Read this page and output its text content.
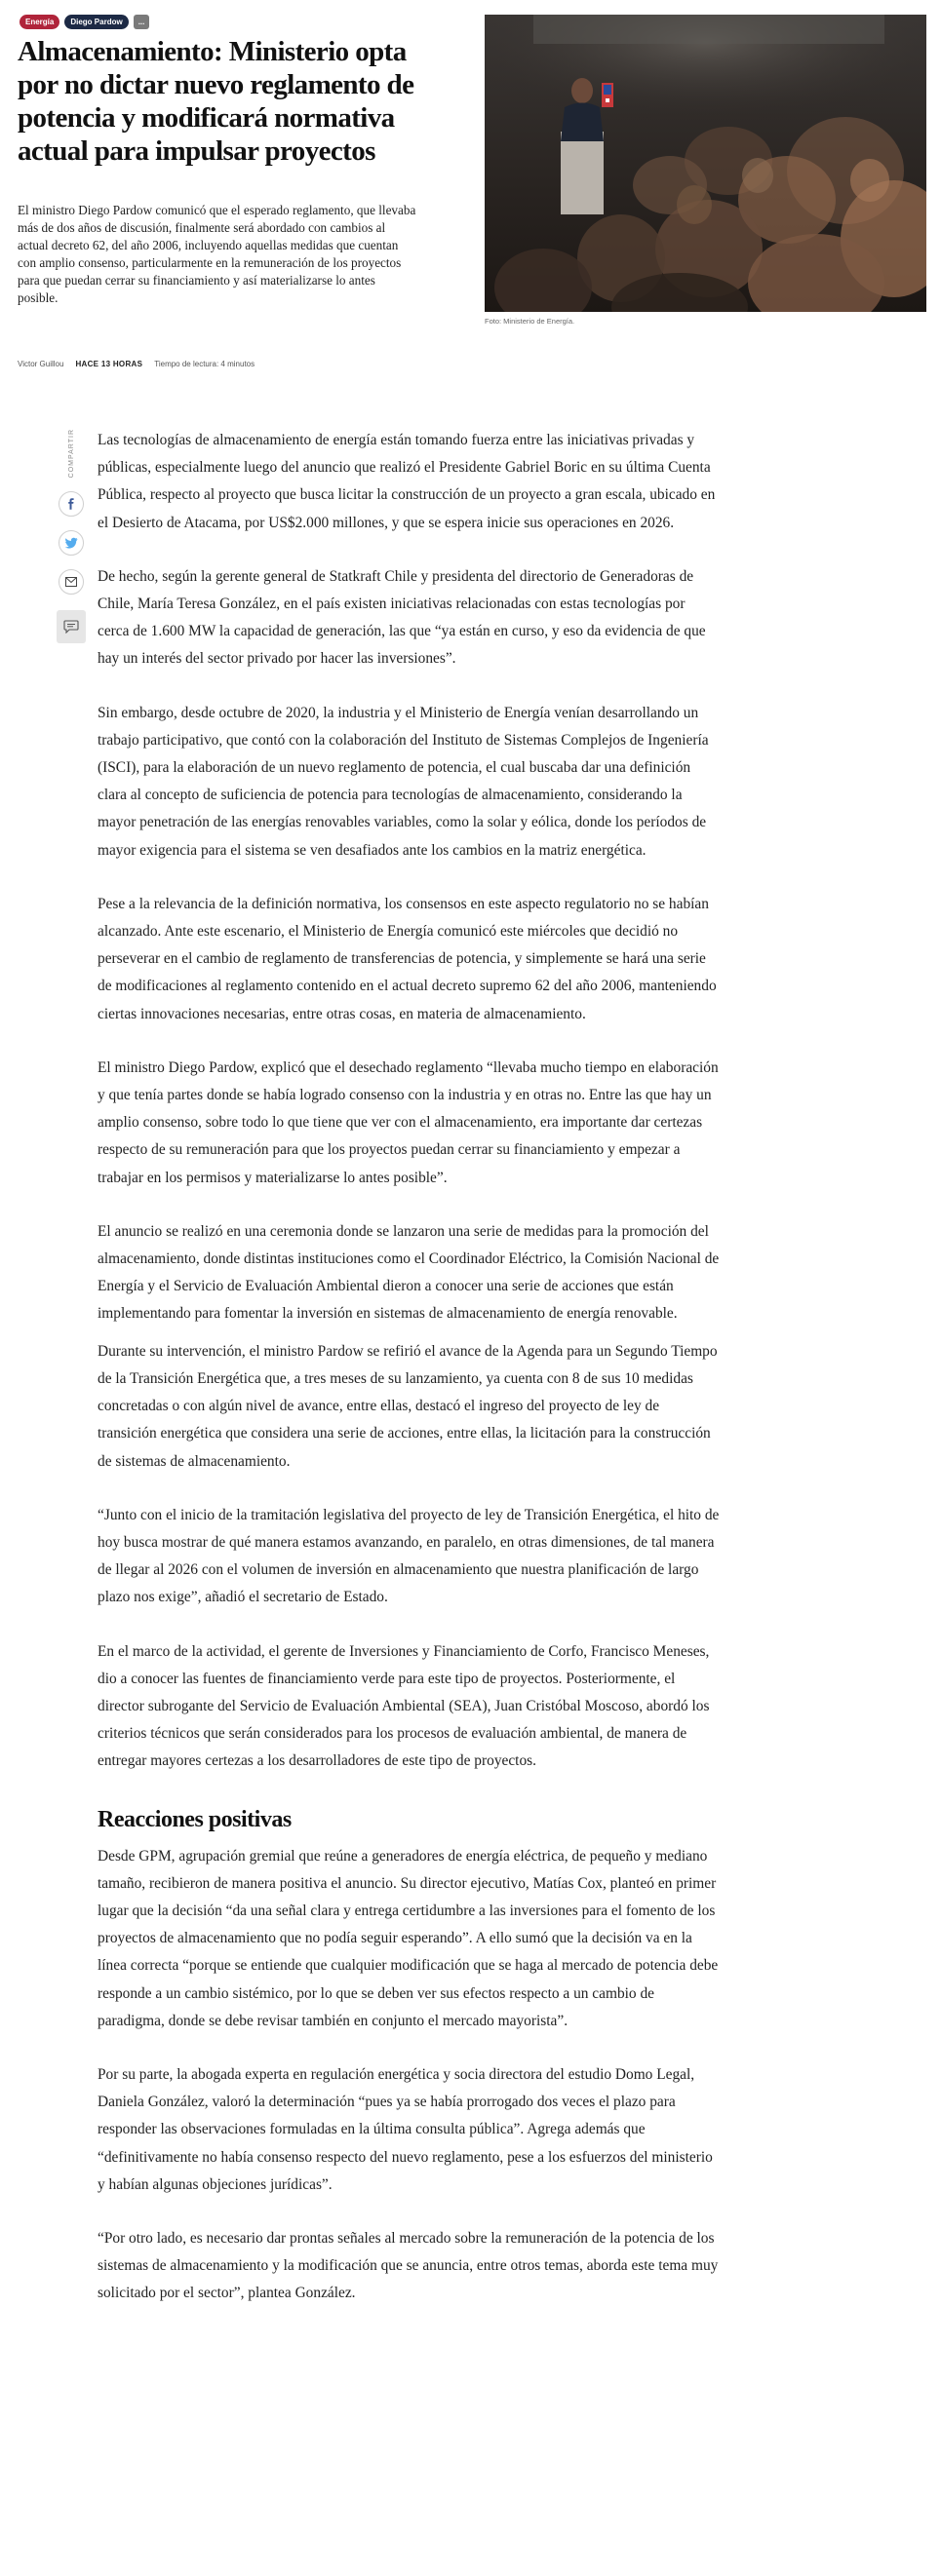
Energía	Diego Pardow	...
Almacenamiento: Ministerio opta por no dictar nuevo reglamento de potencia y modificará normativa actual para impulsar proyectos

El ministro Diego Pardow comunicó que el esperado reglamento, que llevaba más de dos años de discusión, finalmente será abordado con cambios al actual decreto 62, del año 2006, incluyendo aquellas medidas que cuentan con amplio consenso, particularmente en la remuneración de los proyectos para que puedan cerrar su financiamiento y así materializarse lo antes posible.

Victor Guillou HACE 13 HORAS Tiempo de lectura: 4 minutos
Foto: Ministerio de Energía.
COMPARTIR Las tecnologías de almacenamiento de energía están tomando fuerza entre las iniciativas privadas y públicas, especialmente luego del anuncio que realizó el Presidente Gabriel Boric en su última Cuenta Pública, respecto al proyecto que busca licitar la construcción de un proyecto a gran escala, ubicado en el Desierto de Atacama, por US$2.000 millones, y que se espera inicie sus operaciones en 2026.

De hecho, según la gerente general de Statkraft Chile y presidenta del directorio de Generadoras de Chile, María Teresa González, en el país existen iniciativas relacionadas con estas tecnologías por cerca de 1.600 MW la capacidad de generación, las que “ya están en curso, y eso da evidencia de que hay un interés del sector privado por hacer las inversiones”.

Sin embargo, desde octubre de 2020, la industria y el Ministerio de Energía venían desarrollando un trabajo participativo, que contó con la colaboración del Instituto de Sistemas Complejos de Ingeniería (ISCI), para la elaboración de un nuevo reglamento de potencia, el cual buscaba dar una definición clara al concepto de suficiencia de potencia para tecnologías de almacenamiento, considerando la mayor penetración de las energías renovables variables, como la solar y eólica, donde los períodos de mayor exigencia para el sistema se ven desafiados ante los cambios en la matriz energética.

Pese a la relevancia de la definición normativa, los consensos en este aspecto regulatorio no se habían alcanzado. Ante este escenario, el Ministerio de Energía comunicó este miércoles que decidió no perseverar en el cambio de reglamento de transferencias de potencia, y simplemente se hará una serie de modificaciones al reglamento contenido en el actual decreto supremo 62 del año 2006, manteniendo ciertas innovaciones necesarias, entre otras cosas, en materia de almacenamiento.

El ministro Diego Pardow, explicó que el desechado reglamento “llevaba mucho tiempo en elaboración y que tenía partes donde se había logrado consenso con la industria y en otras no. Entre las que hay un amplio consenso, sobre todo lo que tiene que ver con el almacenamiento, era importante dar certezas respecto de su remuneración para que los proyectos puedan cerrar su financiamiento y empezar a trabajar en los permisos y materializarse lo antes posible”.

El anuncio se realizó en una ceremonia donde se lanzaron una serie de medidas para la promoción del almacenamiento, donde distintas instituciones como el Coordinador Eléctrico, la Comisión Nacional de Energía y el Servicio de Evaluación Ambiental dieron a conocer una serie de acciones que están implementando para fomentar la inversión en sistemas de almacenamiento de energía renovable.

Durante su intervención, el ministro Pardow se refirió el avance de la Agenda para un Segundo Tiempo de la Transición Energética que, a tres meses de su lanzamiento, ya cuenta con 8 de sus 10 medidas concretadas o con algún nivel de avance, entre ellas, destacó el ingreso del proyecto de ley de transición energética que considera una serie de acciones, entre ellas, la licitación para la construcción de sistemas de almacenamiento.

“Junto con el inicio de la tramitación legislativa del proyecto de ley de Transición Energética, el hito de hoy busca mostrar de qué manera estamos avanzando, en paralelo, en otras dimensiones, de tal manera de llegar al 2026 con el volumen de inversión en almacenamiento que nuestra planificación de largo plazo nos exige”, añadió el secretario de Estado.

En el marco de la actividad, el gerente de Inversiones y Financiamiento de Corfo, Francisco Meneses, dio a conocer las fuentes de financiamiento verde para este tipo de proyectos. Posteriormente, el director subrogante del Servicio de Evaluación Ambiental (SEA), Juan Cristóbal Moscoso, abordó los criterios técnicos que serán considerados para los procesos de evaluación ambiental, de manera de entregar mayores certezas a los desarrolladores de este tipo de proyectos.

Reacciones positivas

Desde GPM, agrupación gremial que reúne a generadores de energía eléctrica, de pequeño y mediano tamaño, recibieron de manera positiva el anuncio. Su director ejecutivo, Matías Cox, planteó en primer lugar que la decisión “da una señal clara y entrega certidumbre a las inversiones para el fomento de los proyectos de almacenamiento que no podía seguir esperando”. A ello sumó que la decisión va en la línea correcta “porque se entiende que cualquier modificación que se haga al mercado de potencia debe responde a un cambio sistémico, por lo que se deben ver sus efectos respecto a un cambio de paradigma, donde se debe revisar también en conjunto el mercado mayorista”.

Por su parte, la abogada experta en regulación energética y socia directora del estudio Domo Legal, Daniela González, valoró la determinación “pues ya se había prorrogado dos veces el plazo para responder las observaciones formuladas en la última consulta pública”. Agrega además que “definitivamente no había consenso respecto del nuevo reglamento, pese a los esfuerzos del ministerio y habían algunas objeciones jurídicas”.

“Por otro lado, es necesario dar prontas señales al mercado sobre la remuneración de la potencia de los sistemas de almacenamiento y la modificación que se anuncia, entre otros temas, aborda este tema muy solicitado por el sector”, plantea González.
